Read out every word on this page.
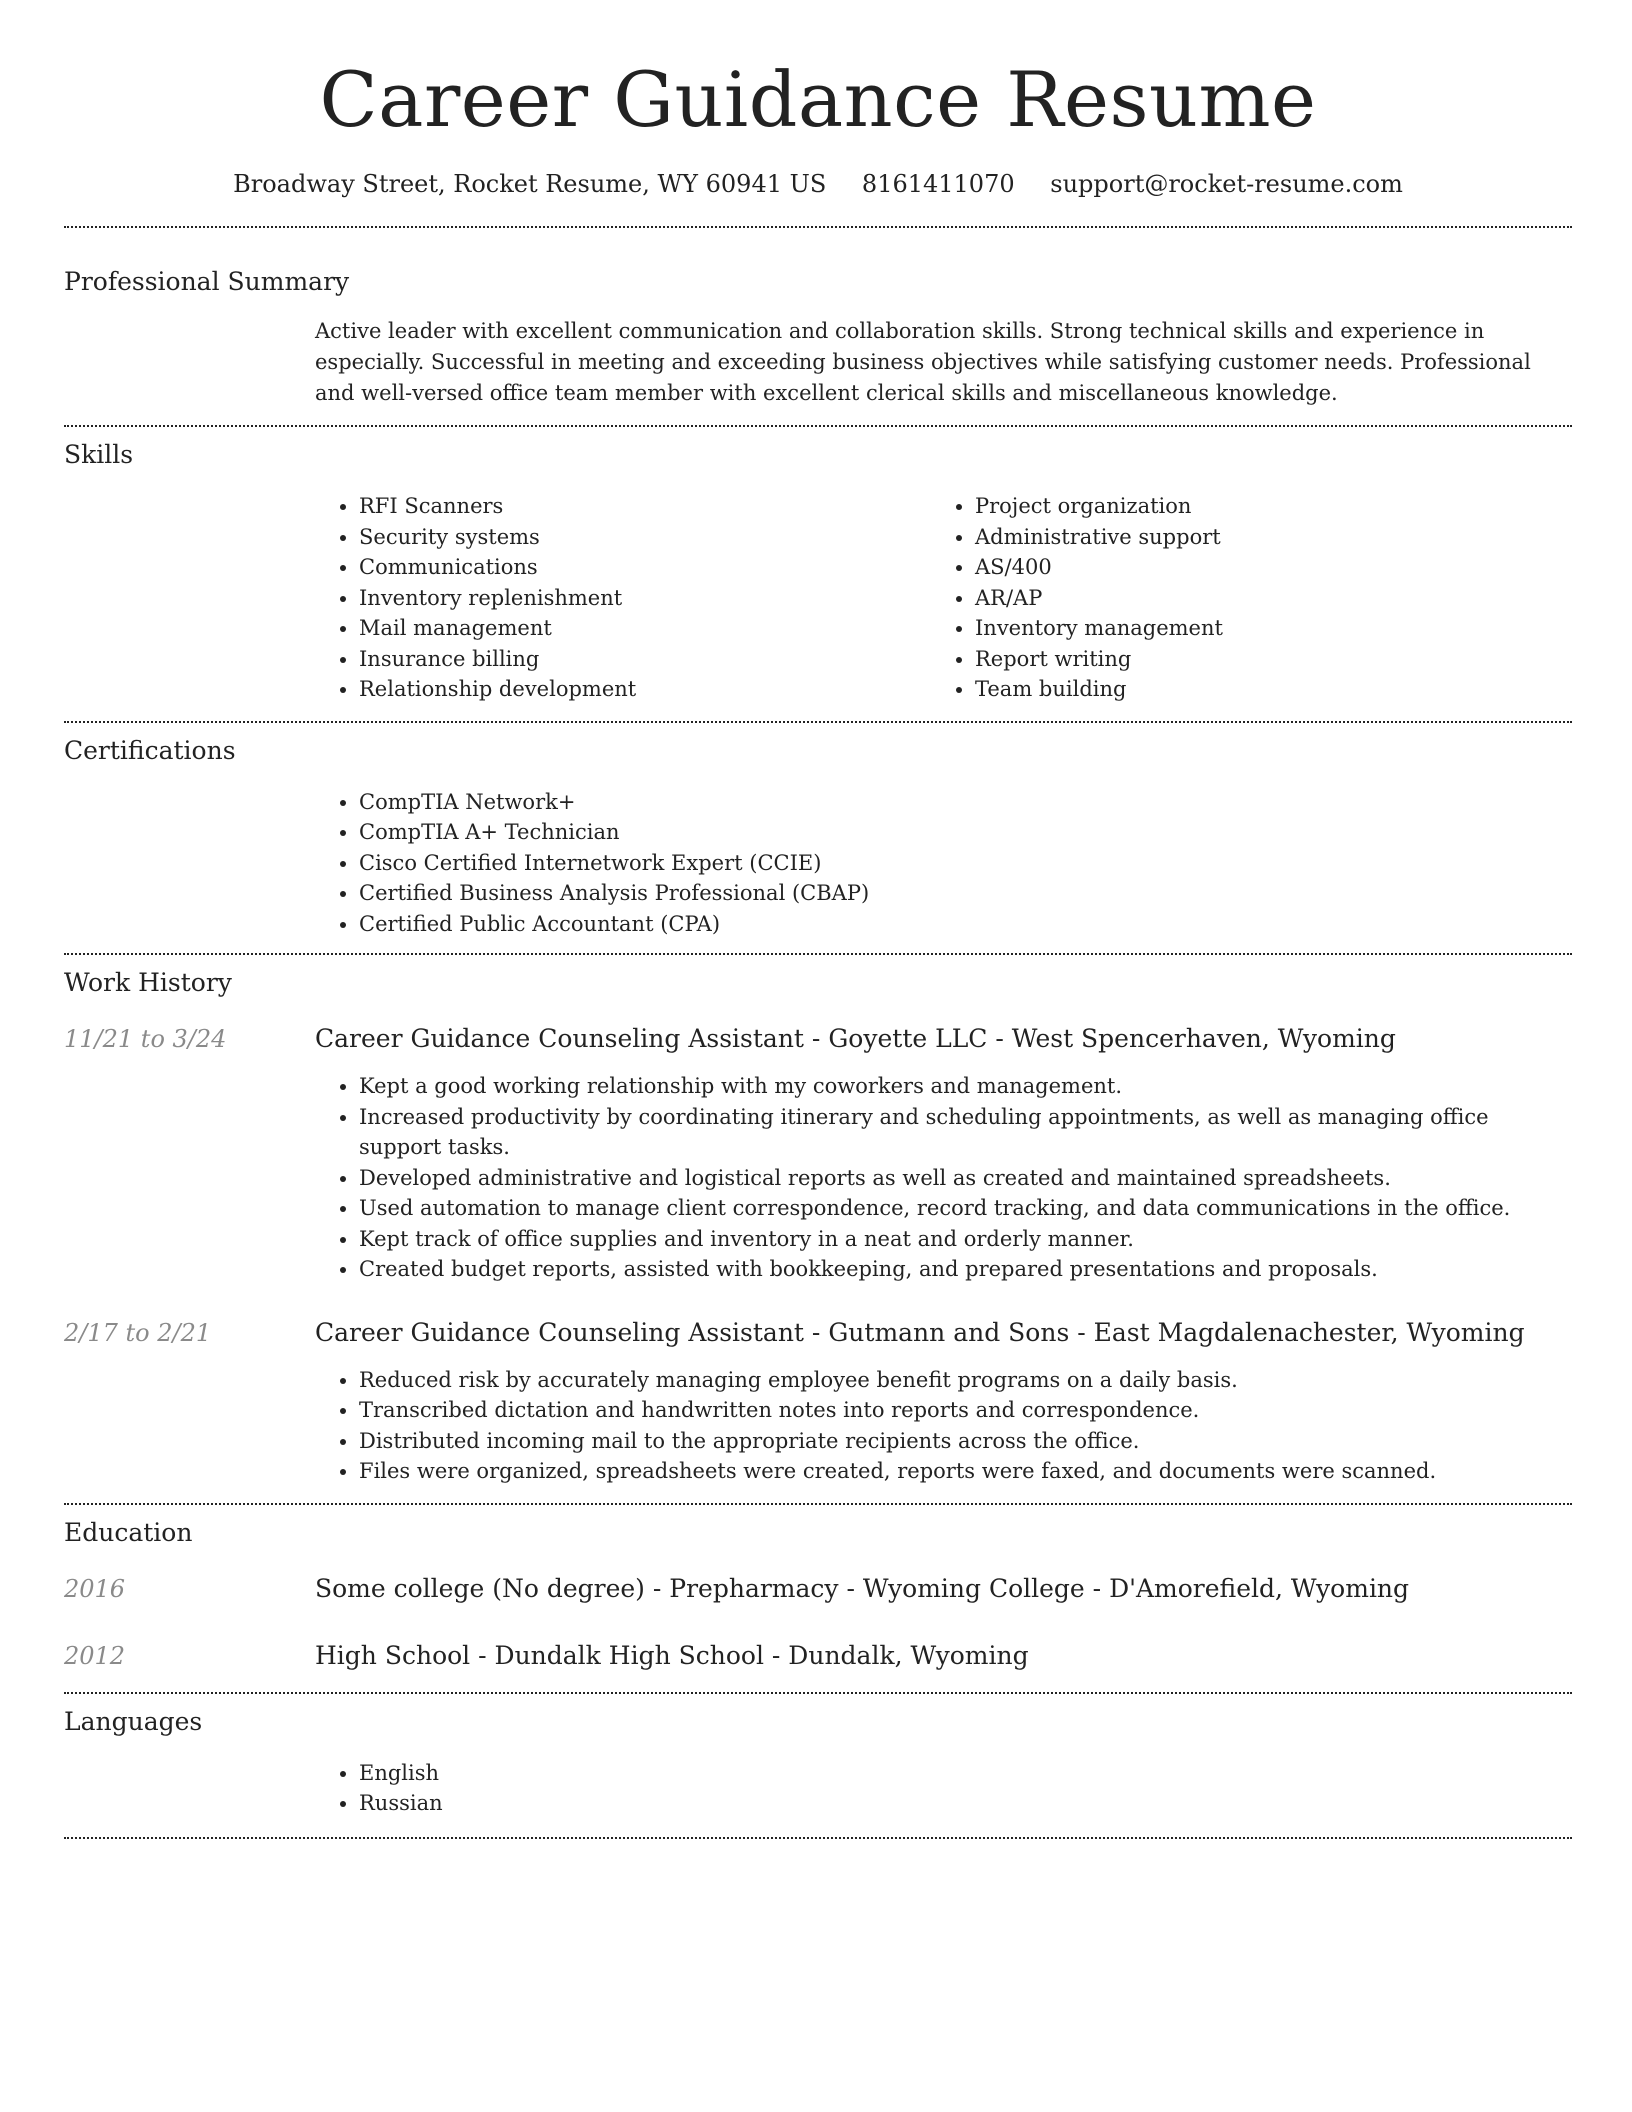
Career Guidance Resume
Broadway Street, Rocket Resume, WY 60941 US 8161411070 support@rocket-resume.com
Professional Summary

Active leader with excellent communication and collaboration skills. Strong technical skills and experience in especially. Successful in meeting and exceeding business objectives while satisfying customer needs. Professional and well-versed office team member with excellent clerical skills and miscellaneous knowledge.

Skills
• RFI Scanners
• Security systems
• Communications
• Inventory replenishment
• Mail management
• Insurance billing
• Relationship development
• Project organization
• Administrative support
• AS/400
• AR/AP
• Inventory management
• Report writing
• Team building
Certifications
• CompTIA Network+
• CompTIA A+ Technician
• Cisco Certified Internetwork Expert (CCIE)
• Certified Business Analysis Professional (CBAP)
• Certified Public Accountant (CPA)
Work History
11/21 to 3/24	Career Guidance Counseling Assistant - Goyette LLC - West Spencerhaven, Wyoming
• Kept a good working relationship with my coworkers and management.
• Increased productivity by coordinating itinerary and scheduling appointments, as well as managing office support tasks.
• Developed administrative and logistical reports as well as created and maintained spreadsheets.
• Used automation to manage client correspondence, record tracking, and data communications in the office.
• Kept track of office supplies and inventory in a neat and orderly manner.
• Created budget reports, assisted with bookkeeping, and prepared presentations and proposals.
2/17 to 2/21	Career Guidance Counseling Assistant - Gutmann and Sons - East Magdalenachester, Wyoming
• Reduced risk by accurately managing employee benefit programs on a daily basis.
• Transcribed dictation and handwritten notes into reports and correspondence.
• Distributed incoming mail to the appropriate recipients across the office.
• Files were organized, spreadsheets were created, reports were faxed, and documents were scanned.
Education
2016	Some college (No degree) - Prepharmacy - Wyoming College - D'Amorefield, Wyoming
2012	High School - Dundalk High School - Dundalk, Wyoming
Languages
• English
• Russian
